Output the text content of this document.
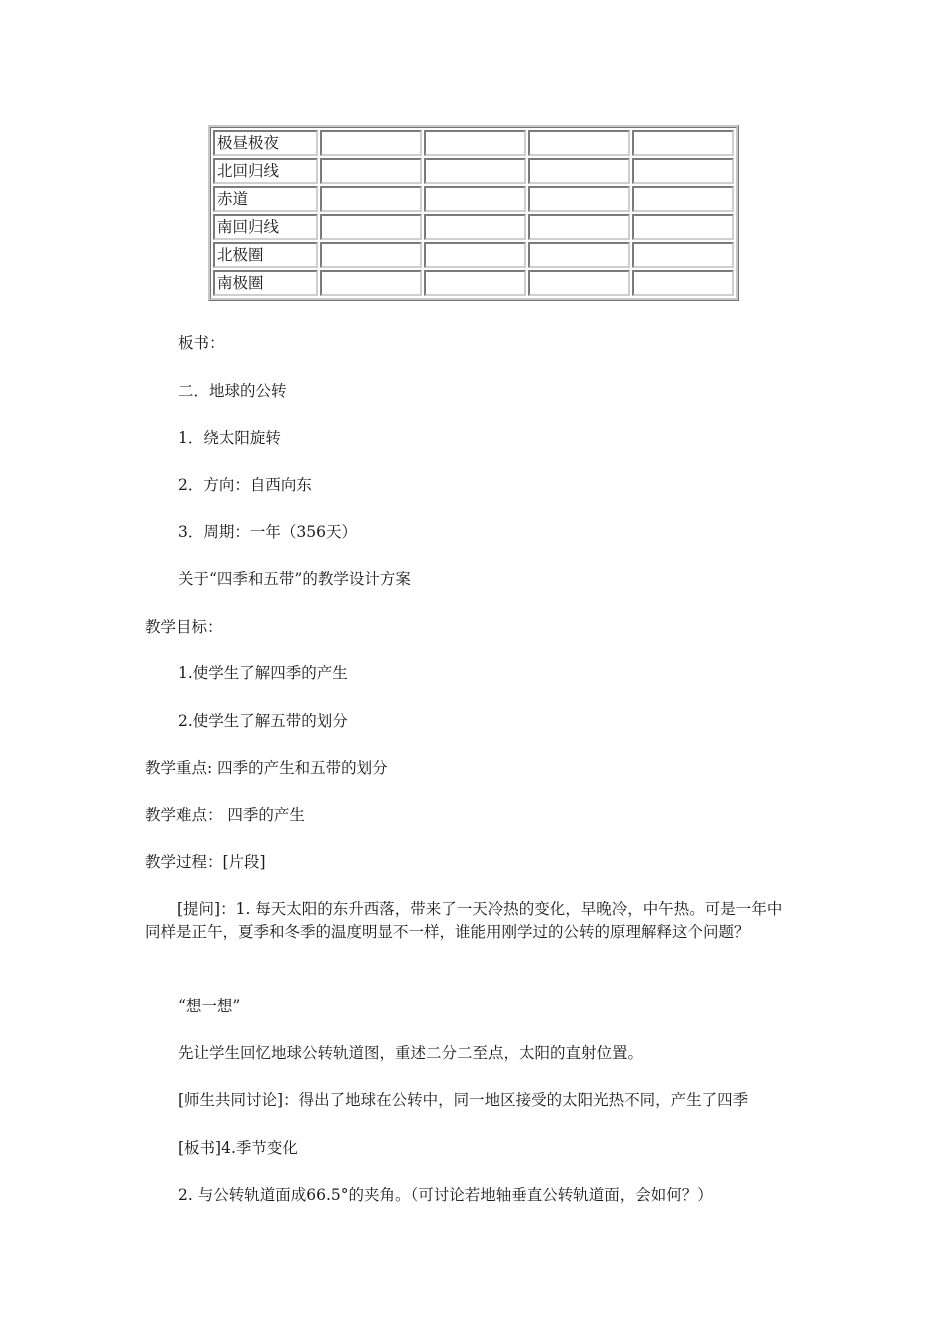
极昼极夜				
北回归线				
赤道				
南回归线				
北极圈				
南极圈				

板书：

二．地球的公转

1．绕太阳旋转

2．方向：自西向东

3．周期：一年（356天）

关于“四季和五带”的教学设计方案

教学目标：

1.使学生了解四季的产生

2.使学生了解五带的划分

教学重点: 四季的产生和五带的划分

教学难点： 四季的产生

教学过程：[片段]

[提问]：1. 每天太阳的东升西落，带来了一天冷热的变化，早晚冷，中午热。可是一年中同样是正午，夏季和冬季的温度明显不一样，谁能用刚学过的公转的原理解释这个问题？

“想一想”

先让学生回忆地球公转轨道图，重述二分二至点，太阳的直射位置。

[师生共同讨论]：得出了地球在公转中，同一地区接受的太阳光热不同，产生了四季

[板书]4.季节变化

2. 与公转轨道面成66.5°的夹角。（可讨论若地轴垂直公转轨道面，会如何？）
